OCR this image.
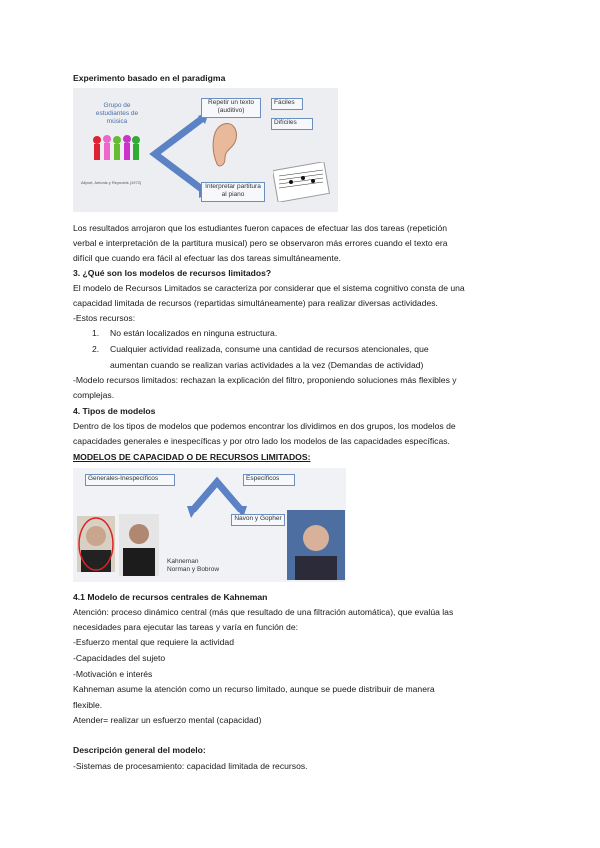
Experimento basado en el paradigma
Grupo de estudiantes de música
Allport, Antonis y Reynolds (1972)
Repetir un texto (auditivo)
Interpretar partitura al piano
Fáciles
Difíciles
Los resultados arrojaron que los estudiantes fueron capaces de efectuar las dos tareas (repetición
verbal e interpretación de la partitura musical) pero se observaron más errores cuando el texto era
difícil que cuando era fácil al efectuar las dos tareas simultáneamente.
3. ¿Qué son los modelos de recursos limitados?
El modelo de Recursos Limitados se caracteriza por considerar que el sistema cognitivo consta de una
capacidad limitada de recursos (repartidas simultáneamente) para realizar diversas actividades.
-Estos recursos:
1. No están localizados en ninguna estructura.
2. Cualquier actividad realizada, consume una cantidad de recursos atencionales, que
aumentan cuando se realizan varias actividades a la vez (Demandas de actividad)
-Modelo recursos limitados: rechazan la explicación del filtro, proponiendo soluciones más flexibles y
complejas.
4. Tipos de modelos
Dentro de los tipos de modelos que podemos encontrar los dividimos en dos grupos, los modelos de
capacidades generales e inespecíficas y por otro lado los modelos de las capacidades específicas.
MODELOS DE CAPACIDAD O DE RECURSOS LIMITADOS:
Generales-Inespecíficos	Específicos
Navon y Gopher
Kahneman
Norman y Bobrow
4.1 Modelo de recursos centrales de Kahneman
Atención: proceso dinámico central (más que resultado de una filtración automática), que evalúa las
necesidades para ejecutar las tareas y varía en función de:
-Esfuerzo mental que requiere la actividad
-Capacidades del sujeto
-Motivación e interés
Kahneman asume la atención como un recurso limitado, aunque se puede distribuir de manera
flexible.
Atender= realizar un esfuerzo mental (capacidad)
Descripción general del modelo:
-Sistemas de procesamiento: capacidad limitada de recursos.
